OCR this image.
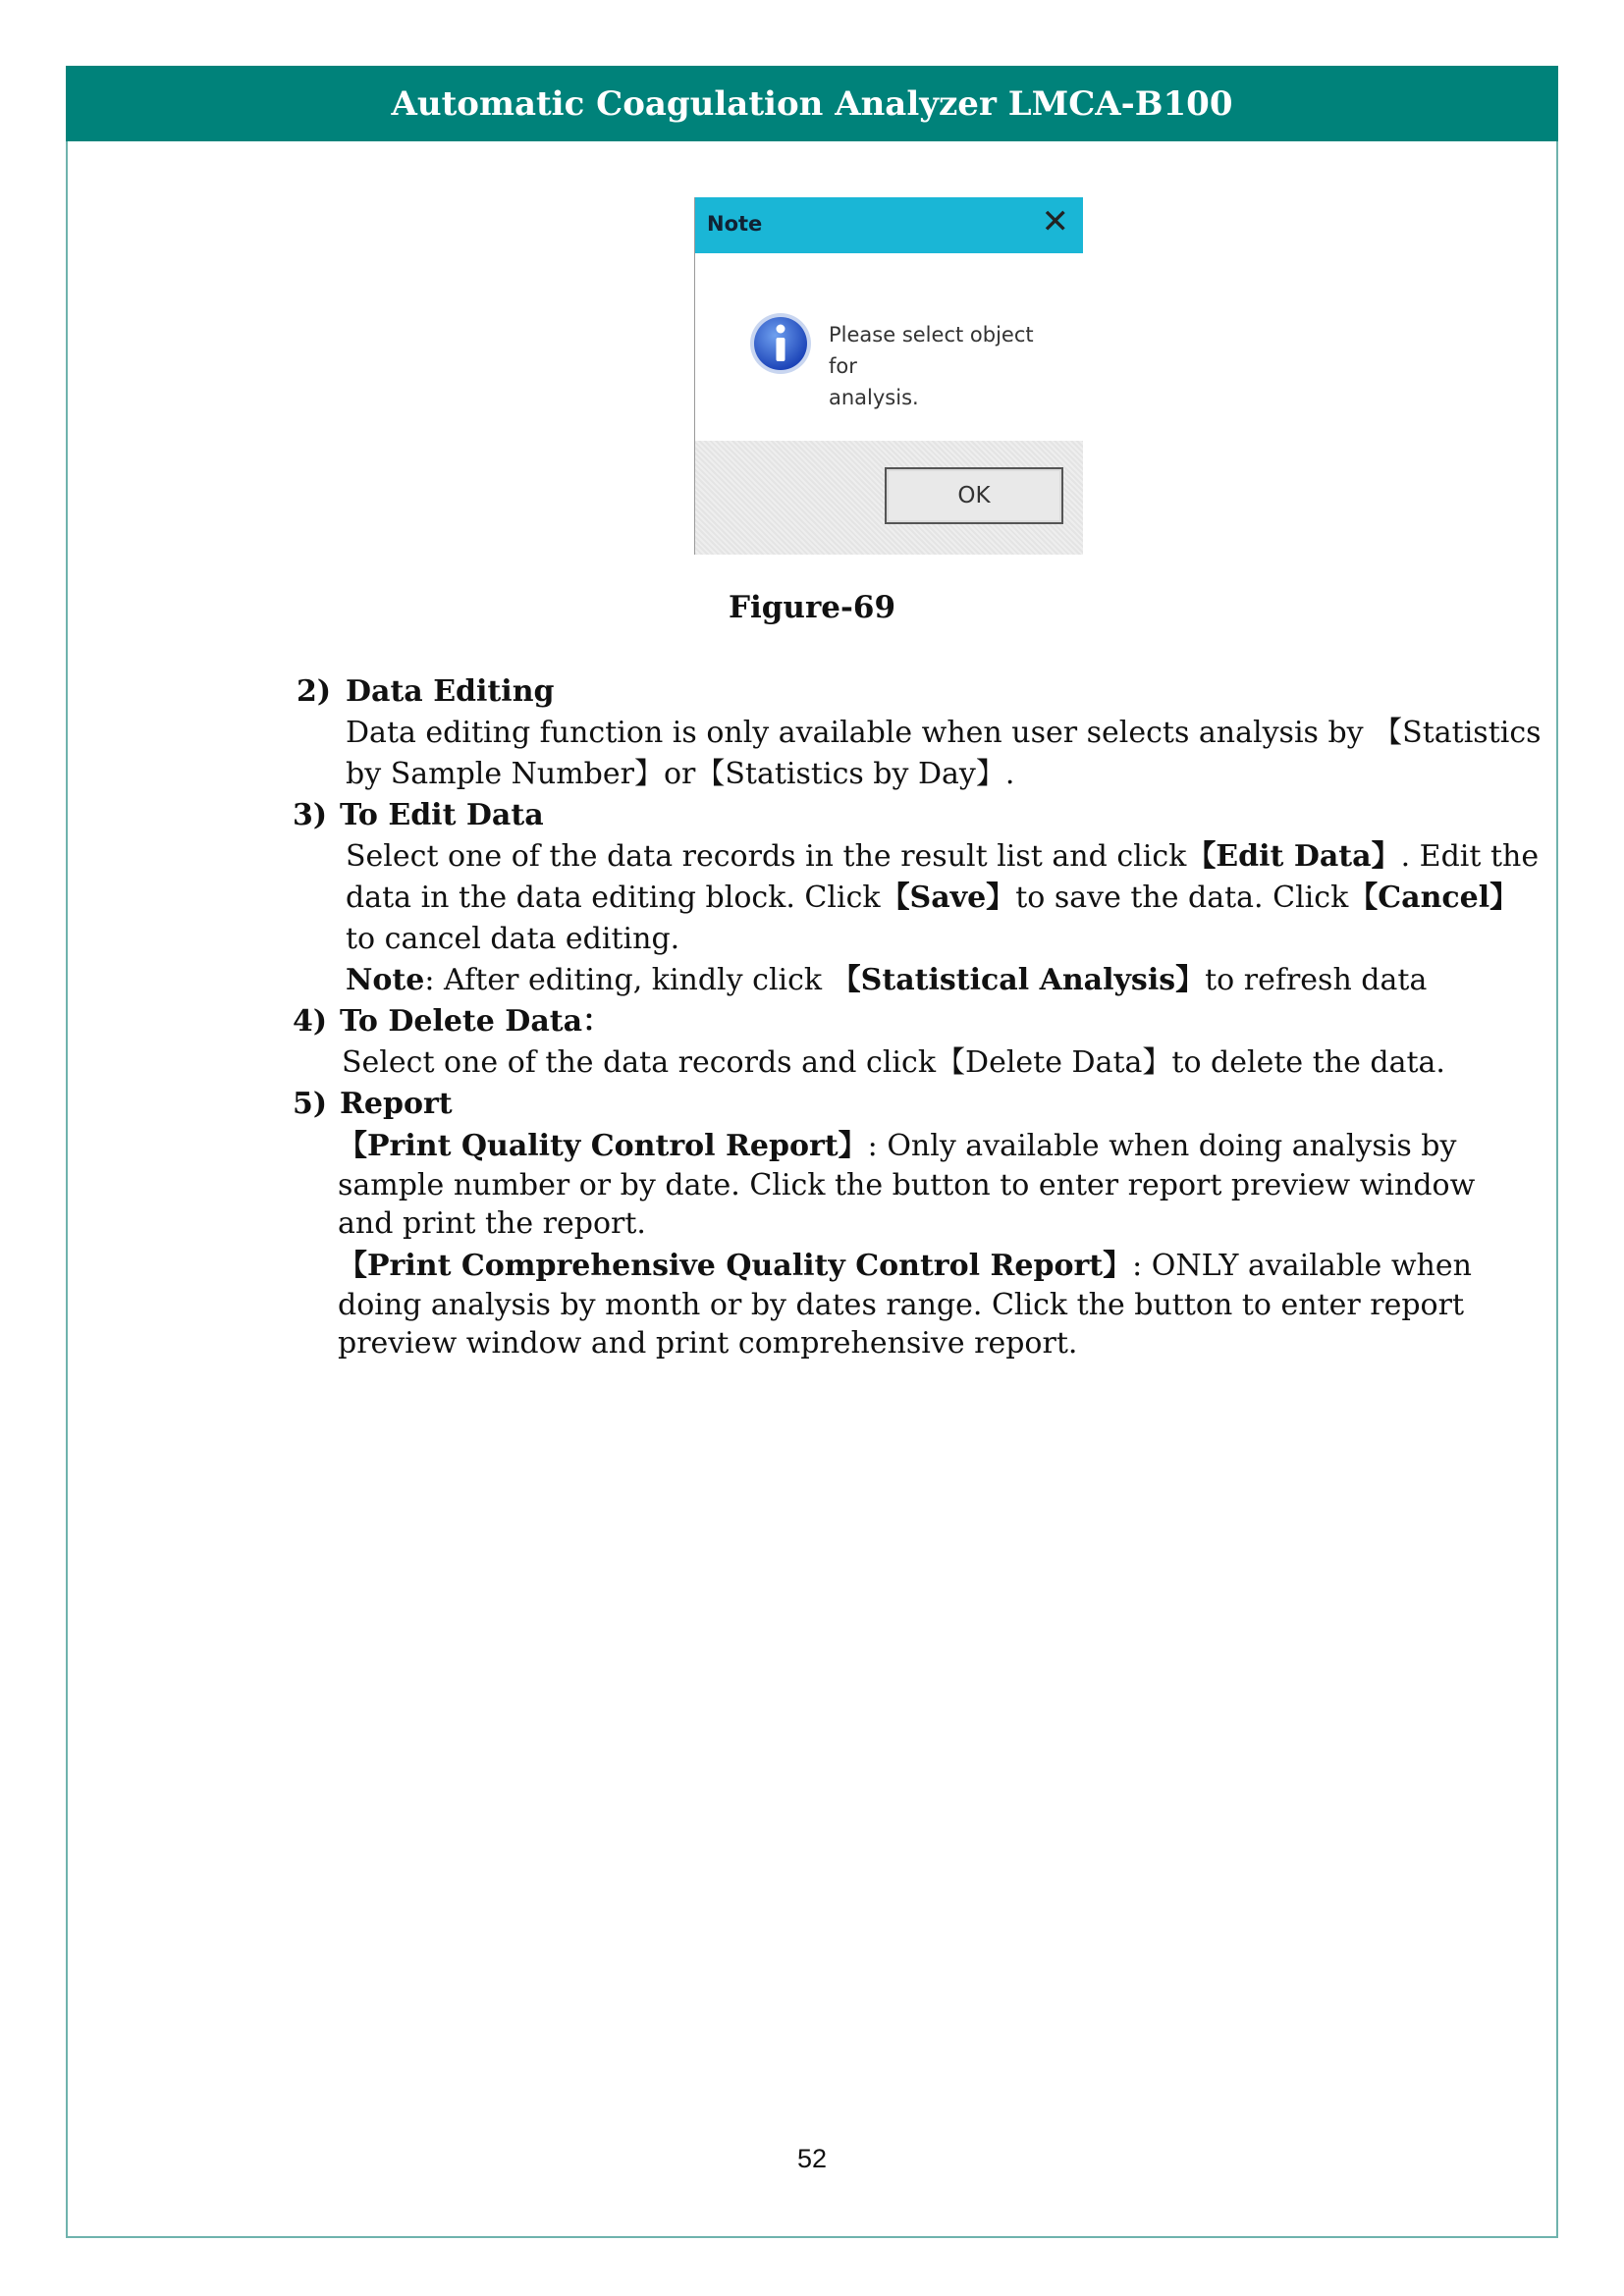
Automatic Coagulation Analyzer LMCA-B100
Note	✕
Please select object for
analysis.
OK
Figure-69
2) Data Editing
Data editing function is only available when user selects analysis by 【Statistics
by Sample Number】or【Statistics by Day】.
3) To Edit Data
Select one of the data records in the result list and click【Edit Data】. Edit the
data in the data editing block. Click【Save】to save the data. Click【Cancel】
to cancel data editing.
Note: After editing, kindly click 【Statistical Analysis】to refresh data
4) To Delete Data：
Select one of the data records and click【Delete Data】to delete the data.
5) Report
【Print Quality Control Report】: Only available when doing analysis by
sample number or by date. Click the button to enter report preview window
and print the report.
【Print Comprehensive Quality Control Report】: ONLY available when
doing analysis by month or by dates range. Click the button to enter report
preview window and print comprehensive report.
52
